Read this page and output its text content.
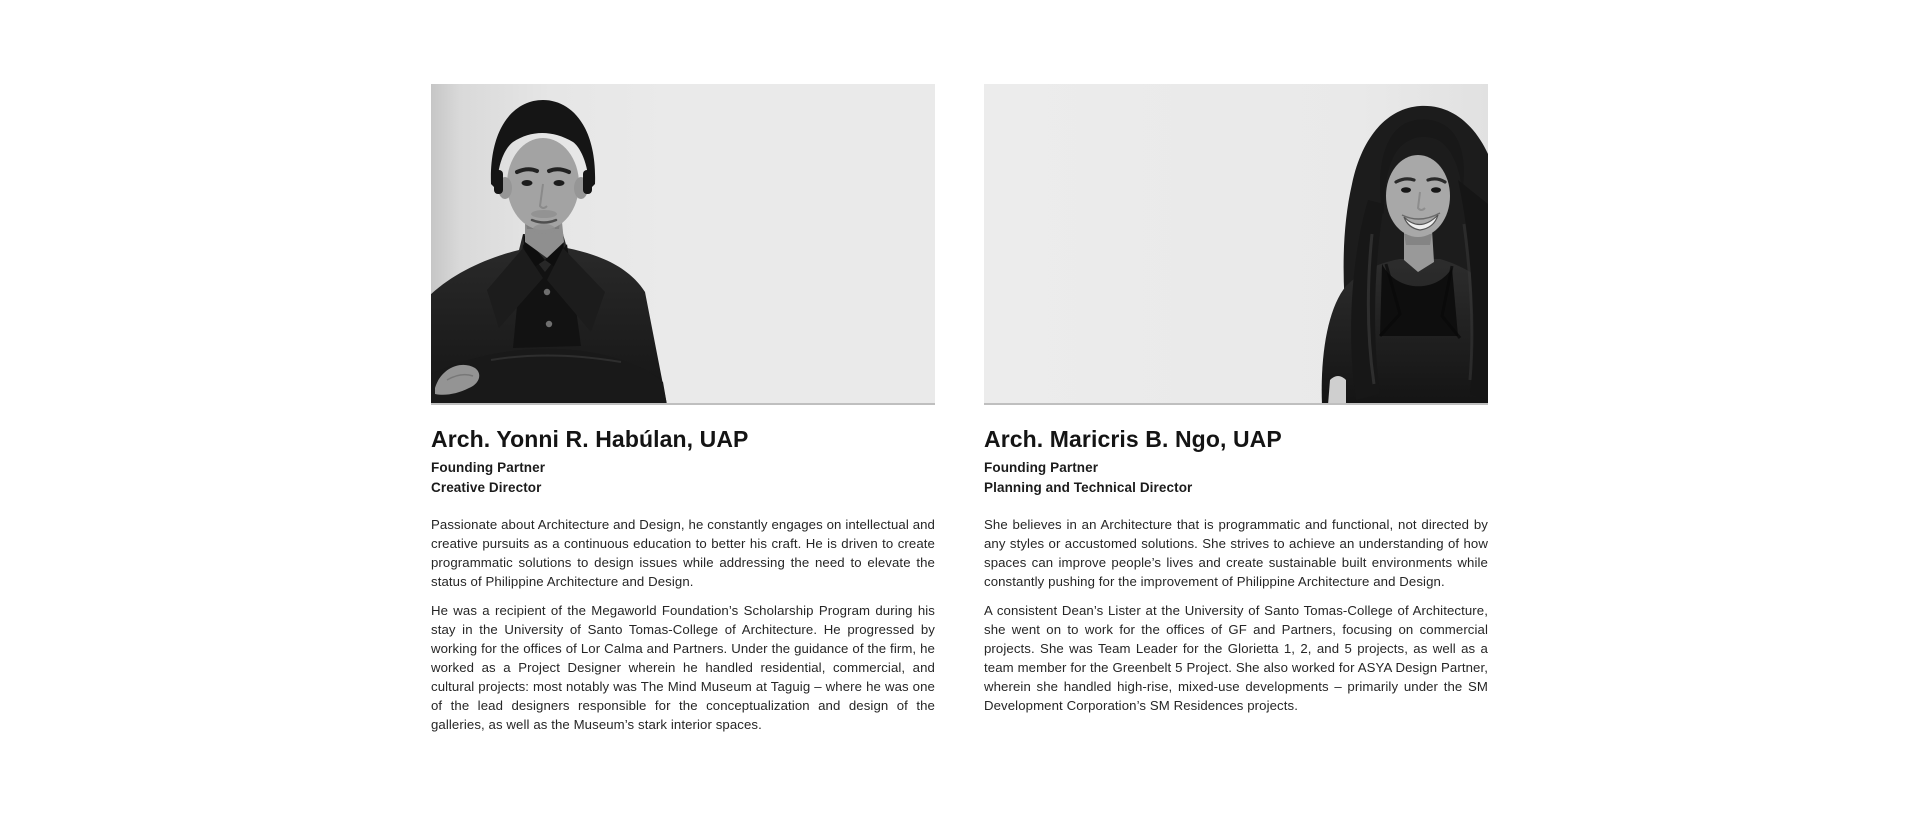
Arch. Yonni R. Habúlan, UAP
Founding Partner
Creative Director

Passionate about Architecture and Design, he constantly engages on intellectual and creative pursuits as a continuous education to better his craft. He is driven to create programmatic solutions to design issues while addressing the need to elevate the status of Philippine Architecture and Design.

He was a recipient of the Megaworld Foundation’s Scholarship Program during his stay in the University of Santo Tomas-College of Architecture. He progressed by working for the offices of Lor Calma and Partners. Under the guidance of the firm, he worked as a Project Designer wherein he handled residential, commercial, and cultural projects: most notably was The Mind Museum at Taguig – where he was one of the lead designers responsible for the conceptualization and design of the galleries, as well as the Museum’s stark interior spaces.

Arch. Maricris B. Ngo, UAP
Founding Partner
Planning and Technical Director

She believes in an Architecture that is programmatic and functional, not directed by any styles or accustomed solutions. She strives to achieve an understanding of how spaces can improve people’s lives and create sustainable built environments while constantly pushing for the improvement of Philippine Architecture and Design.

A consistent Dean’s Lister at the University of Santo Tomas-College of Architecture, she went on to work for the offices of GF and Partners, focusing on commercial projects. She was Team Leader for the Glorietta 1, 2, and 5 projects, as well as a team member for the Greenbelt 5 Project. She also worked for ASYA Design Partner, wherein she handled high-rise, mixed-use developments – primarily under the SM Development Corporation’s SM Residences projects.
